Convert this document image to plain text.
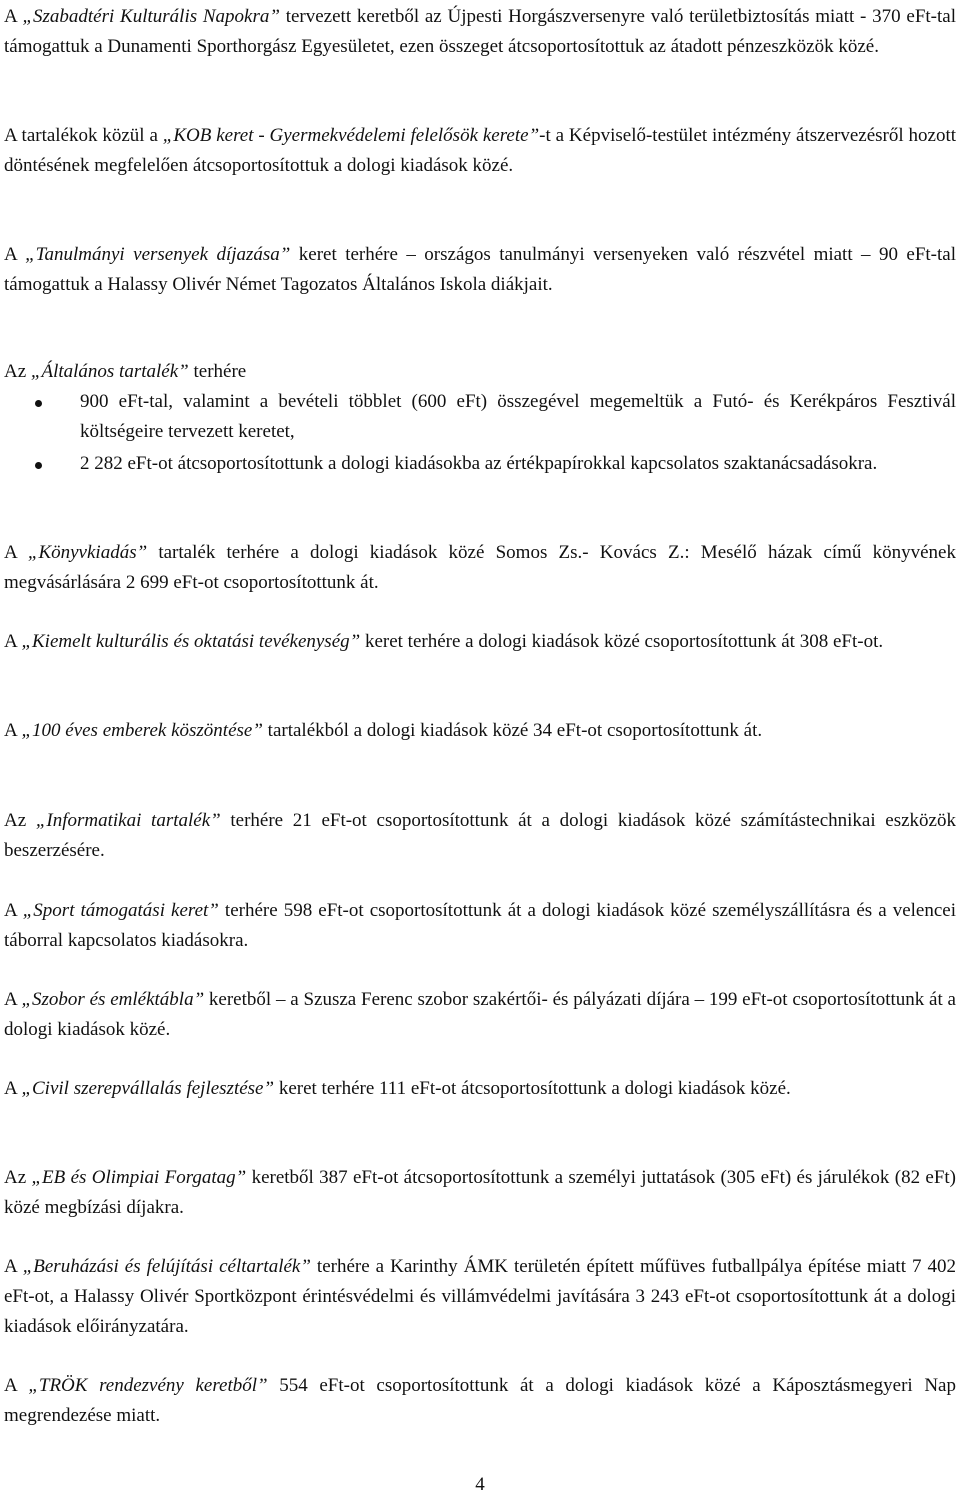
A „Szabadtéri Kulturális Napokra” tervezett keretből az Újpesti Horgászversenyre való területbiztosítás miatt - 370 eFt-tal támogattuk a Dunamenti Sporthorgász Egyesületet, ezen összeget átcsoportosítottuk az átadott pénzeszközök közé.

A tartalékok közül a „KOB keret - Gyermekvédelemi felelősök kerete”-t a Képviselő-testület intézmény átszervezésről hozott döntésének megfelelően átcsoportosítottuk a dologi kiadások közé.

A „Tanulmányi versenyek díjazása” keret terhére – országos tanulmányi versenyeken való részvétel miatt – 90 eFt-tal támogattuk a Halassy Olivér Német Tagozatos Általános Iskola diákjait.

Az „Általános tartalék” terhére

900 eFt-tal, valamint a bevételi többlet (600 eFt) összegével megemeltük a Futó- és Kerékpáros Fesztivál költségeire tervezett keretet,
2 282 eFt-ot átcsoportosítottunk a dologi kiadásokba az értékpapírokkal kapcsolatos szaktanácsadásokra.

A „Könyvkiadás” tartalék terhére a dologi kiadások közé Somos Zs.- Kovács Z.: Mesélő házak című könyvének megvásárlására 2 699 eFt-ot csoportosítottunk át.

A „Kiemelt kulturális és oktatási tevékenység” keret terhére a dologi kiadások közé csoportosítottunk át 308 eFt-ot.

A „100 éves emberek köszöntése” tartalékból a dologi kiadások közé 34 eFt-ot csoportosítottunk át.

Az „Informatikai tartalék” terhére 21 eFt-ot csoportosítottunk át a dologi kiadások közé számítástechnikai eszközök beszerzésére.

A „Sport támogatási keret” terhére 598 eFt-ot csoportosítottunk át a dologi kiadások közé személyszállításra és a velencei táborral kapcsolatos kiadásokra.

A „Szobor és emléktábla” keretből – a Szusza Ferenc szobor szakértői- és pályázati díjára – 199 eFt-ot csoportosítottunk át a dologi kiadások közé.

A „Civil szerepvállalás fejlesztése” keret terhére 111 eFt-ot átcsoportosítottunk a dologi kiadások közé.

Az „EB és Olimpiai Forgatag” keretből 387 eFt-ot átcsoportosítottunk a személyi juttatások (305 eFt) és járulékok (82 eFt) közé megbízási díjakra.

A „Beruházási és felújítási céltartalék” terhére a Karinthy ÁMK területén épített műfüves futballpálya építése miatt 7 402 eFt-ot, a Halassy Olivér Sportközpont érintésvédelmi és villámvédelmi javítására 3 243 eFt-ot csoportosítottunk át a dologi kiadások előirányzatára.

A „TRÖK rendezvény keretből” 554 eFt-ot csoportosítottunk át a dologi kiadások közé a Káposztásmegyeri Nap megrendezése miatt.

4
